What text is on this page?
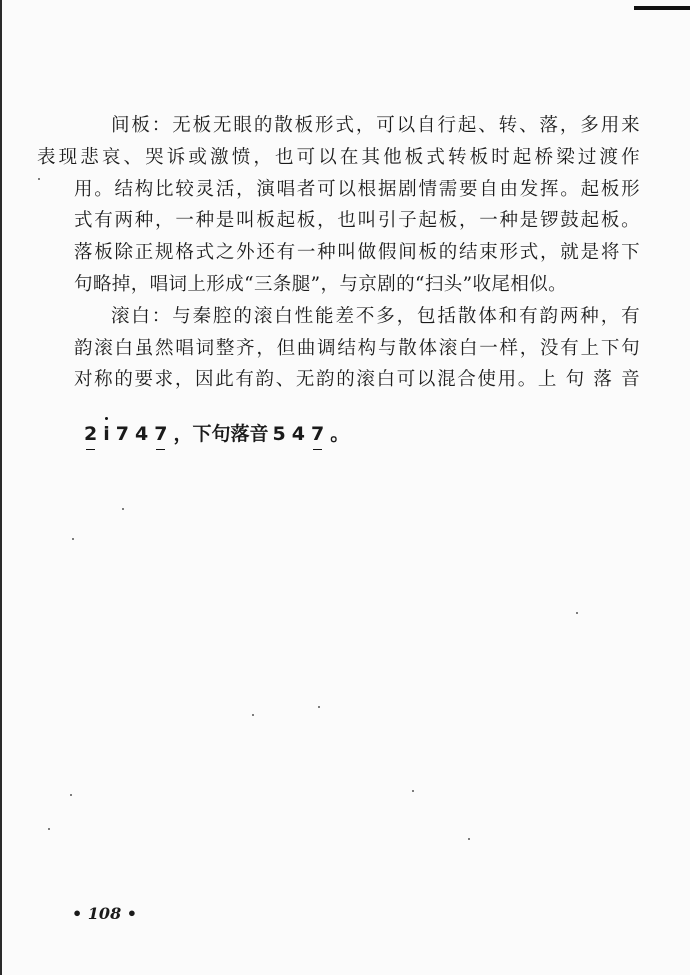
间板：无板无眼的散板形式，可以自行起、转、落，多用来
表现悲哀、哭诉或激愤，也可以在其他板式转板时起桥梁过渡作
用。结构比较灵活，演唱者可以根据剧情需要自由发挥。起板形
式有两种，一种是叫板起板，也叫引子起板，一种是锣鼓起板。
落板除正规格式之外还有一种叫做假间板的结束形式，就是将下
句略掉，唱词上形成“三条腿”，与京剧的“扫头”收尾相似。

滚白：与秦腔的滚白性能差不多，包括散体和有韵两种，有
韵滚白虽然唱词整齐，但曲调结构与散体滚白一样，没有上下句
对称的要求，因此有韵、无韵的滚白可以混合使用。上 句 落 音

2 i 7 4 7 ，下句落音 5 4 7 。
• 108 •
